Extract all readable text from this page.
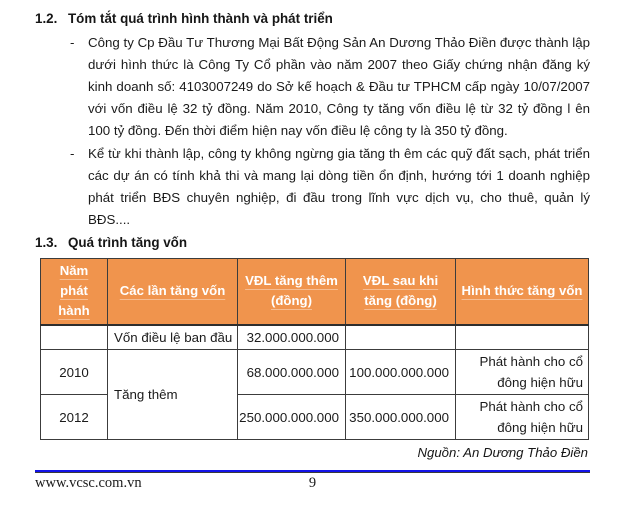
1.2. Tóm tắt quá trình hình thành và phát triển
-	Công ty Cp Đầu Tư Thương Mại Bất Động Sản An Dương Thảo Điền được thành lập dưới hình thức là Công Ty Cổ phần vào năm 2007 theo Giấy chứng nhận đăng ký kinh doanh số: 4103007249 do Sở kế hoạch & Đầu tư TPHCM cấp ngày 10/07/2007 với vốn điều lệ 32 tỷ đồng. Năm 2010, Công ty tăng vốn điều lệ từ 32 tỷ đồng l ên 100 tỷ đồng. Đến thời điểm hiện nay vốn điều lệ công ty là 350 tỷ đồng.

-	Kể từ khi thành lập, công ty không ngừng gia tăng th êm các quỹ đất sạch, phát triển các dự án có tính khả thi và mang lại dòng tiền ổn định, hướng tới 1 doanh nghiệp phát triển BĐS chuyên nghiệp, đi đầu trong lĩnh vực dịch vụ, cho thuê, quản lý BĐS....

1.3. Quá trình tăng vốn
Năm phát hành	Các lần tăng vốn	VĐL tăng thêm (đồng)	VĐL sau khi tăng (đồng)	Hình thức tăng vốn
	Vốn điều lệ ban đầu	32.000.000.000		
2010	Tăng thêm	68.000.000.000	100.000.000.000	Phát hành cho cổ đông hiện hữu
2012		250.000.000.000	350.000.000.000	Phát hành cho cổ đông hiện hữu
Nguồn: An Dương Thảo Điền
www.vcsc.com.vn	9
